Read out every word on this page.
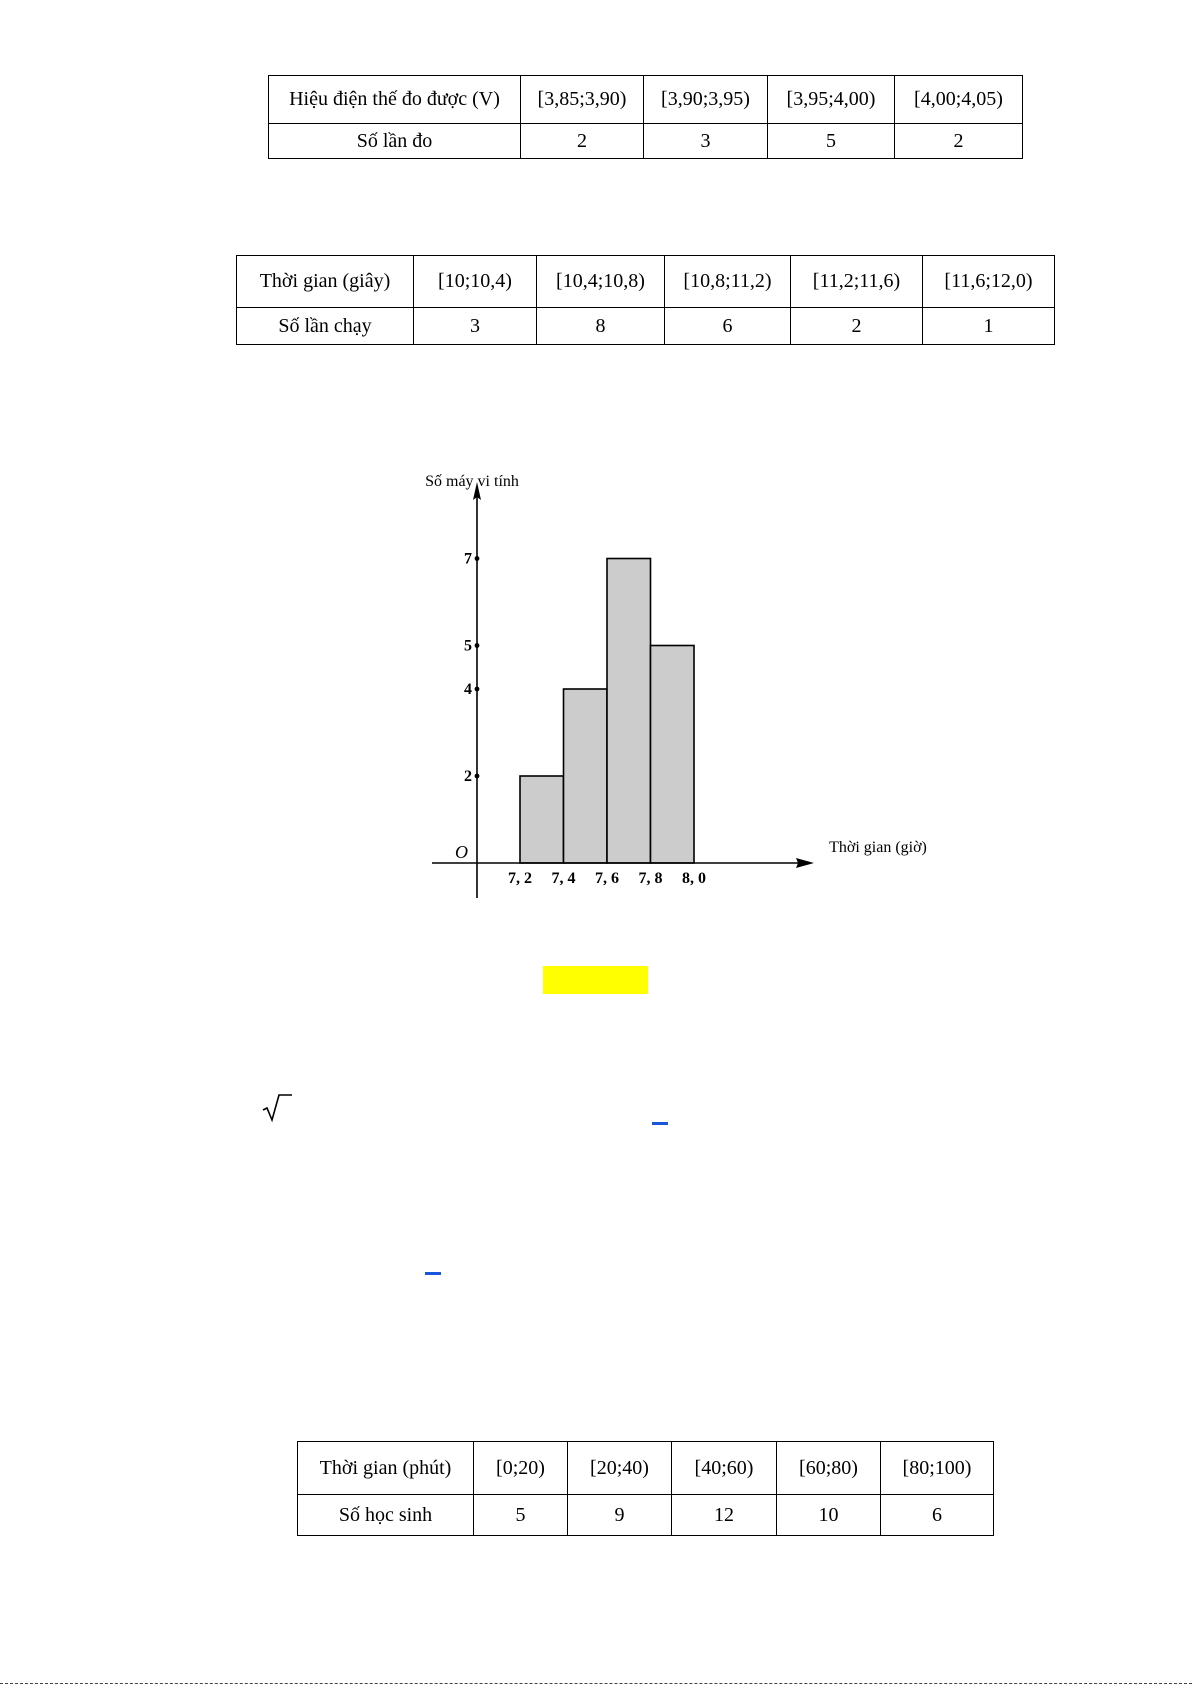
Hiệu điện thế đo được (V)	[3,85;3,90)	[3,90;3,95)	[3,95;4,00)	[4,00;4,05)
Số lần đo	2	3	5	2
Thời gian (giây)	[10;10,4)	[10,4;10,8)	[10,8;11,2)	[11,2;11,6)	[11,6;12,0)
Số lần chạy	3	8	6	2	1
2
4
5
7
7, 2 7, 4 7, 6 7, 8 8, 0
O
Số máy vi tính
Thời gian (giờ)
Thời gian (phút)	[0;20)	[20;40)	[40;60)	[60;80)	[80;100)
Số học sinh	5	9	12	10	6
